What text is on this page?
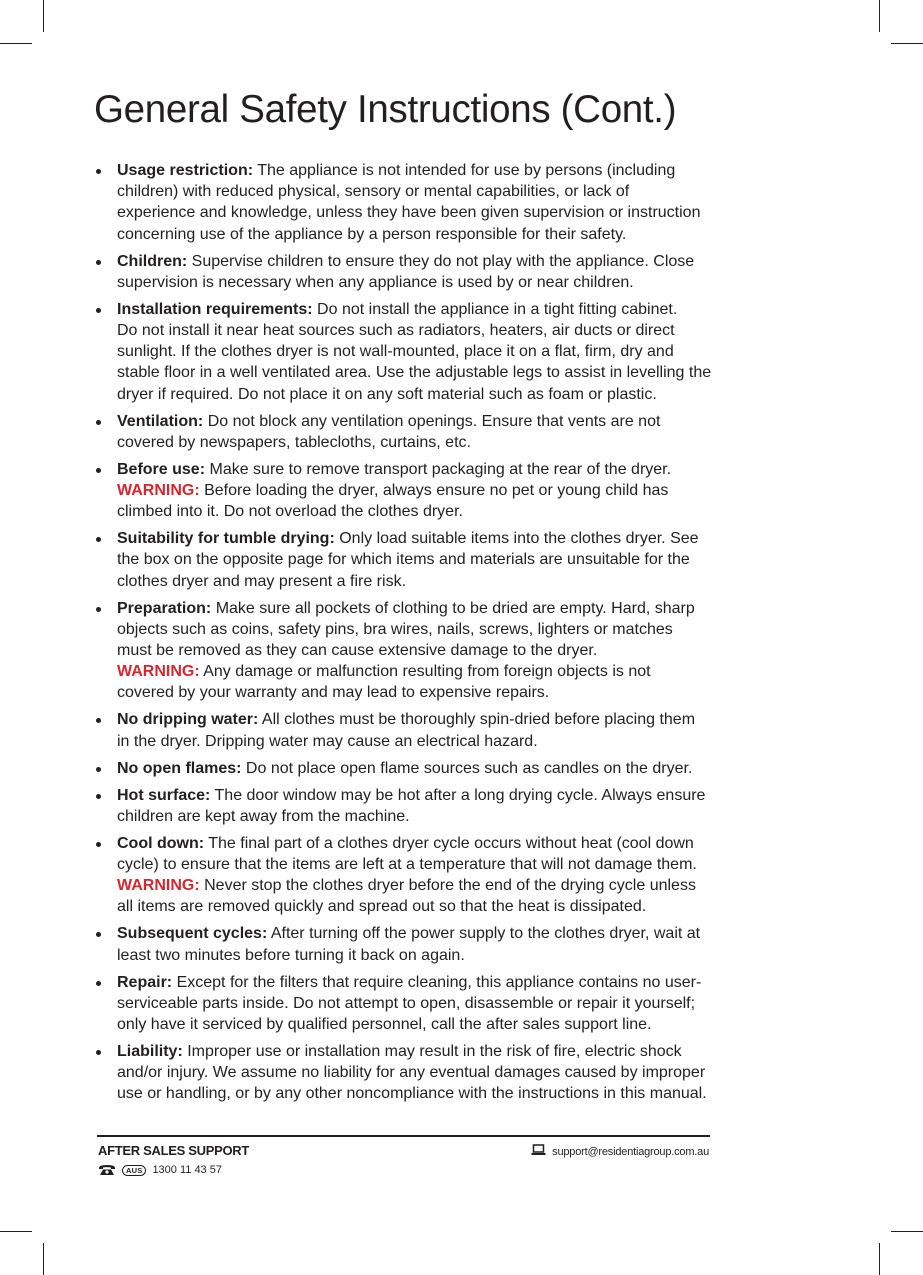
General Safety Instructions (Cont.)
Usage restriction: The appliance is not intended for use by persons (including
children) with reduced physical, sensory or mental capabilities, or lack of
experience and knowledge, unless they have been given supervision or instruction
concerning use of the appliance by a person responsible for their safety.
Children: Supervise children to ensure they do not play with the appliance. Close
supervision is necessary when any appliance is used by or near children.
Installation requirements: Do not install the appliance in a tight fitting cabinet.
Do not install it near heat sources such as radiators, heaters, air ducts or direct
sunlight. If the clothes dryer is not wall-mounted, place it on a flat, firm, dry and
stable floor in a well ventilated area. Use the adjustable legs to assist in levelling the
dryer if required. Do not place it on any soft material such as foam or plastic.
Ventilation: Do not block any ventilation openings. Ensure that vents are not
covered by newspapers, tablecloths, curtains, etc.
Before use: Make sure to remove transport packaging at the rear of the dryer.
WARNING: Before loading the dryer, always ensure no pet or young child has
climbed into it. Do not overload the clothes dryer.
Suitability for tumble drying: Only load suitable items into the clothes dryer. See
the box on the opposite page for which items and materials are unsuitable for the
clothes dryer and may present a fire risk.
Preparation: Make sure all pockets of clothing to be dried are empty. Hard, sharp
objects such as coins, safety pins, bra wires, nails, screws, lighters or matches
must be removed as they can cause extensive damage to the dryer.
WARNING: Any damage or malfunction resulting from foreign objects is not
covered by your warranty and may lead to expensive repairs.
No dripping water: All clothes must be thoroughly spin-dried before placing them
in the dryer. Dripping water may cause an electrical hazard.
No open flames: Do not place open flame sources such as candles on the dryer.
Hot surface: The door window may be hot after a long drying cycle. Always ensure
children are kept away from the machine.
Cool down: The final part of a clothes dryer cycle occurs without heat (cool down
cycle) to ensure that the items are left at a temperature that will not damage them.
WARNING: Never stop the clothes dryer before the end of the drying cycle unless
all items are removed quickly and spread out so that the heat is dissipated.
Subsequent cycles: After turning off the power supply to the clothes dryer, wait at
least two minutes before turning it back on again.
Repair: Except for the filters that require cleaning, this appliance contains no user-
serviceable parts inside. Do not attempt to open, disassemble or repair it yourself;
only have it serviced by qualified personnel, call the after sales support line.
Liability: Improper use or installation may result in the risk of fire, electric shock
and/or injury. We assume no liability for any eventual damages caused by improper
use or handling, or by any other noncompliance with the instructions in this manual.

AFTER SALES SUPPORT

AUS 1300 11 43 57
support@residentiagroup.com.au
